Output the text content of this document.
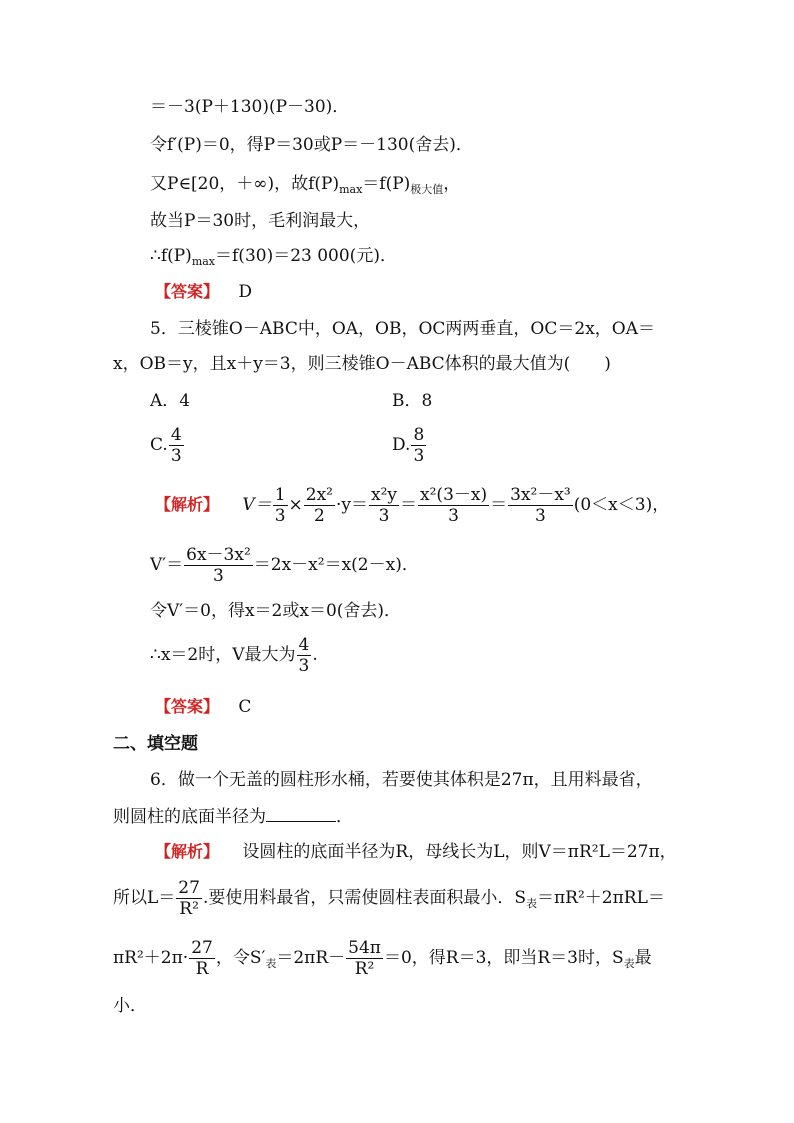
＝－3(P＋130)(P－30)．
令f′(P)＝0，得P＝30或P＝－130(舍去)．
又P∈[20，＋∞)，故$f(P)_{max}=f(P)_{极大值}$，
故当P＝30时，毛利润最大，
$\therefore f(P)_{max}=f(30)=23$ 000(元)．
【答案】 D
5．三棱锥O－ABC中，OA，OB，OC两两垂直，OC＝2x，OA＝
x，OB＝y，且x＋y＝3，则三棱锥O－ABC体积的最大值为(　　)
A．4	B．8
C. $\frac{4}{3}$	D. $\frac{8}{3}$
【解析】 $V= \frac{1}{3} \times \frac{\text{2x²}}{2} \cdot y= \frac{\text{x²y}}{3} = \frac{\text{x²(3－x)}}{3} = \frac{\text{3x²－x³}}{3} (0<x<3)$，
$V'= \frac{\text{6x－3x²}}{3} =2x-x^2=x(2-x)$．
令V′＝0，得x＝2或x＝0(舍去)．
∴x＝2时，V最大为 $\frac{4}{3}$ .
【答案】 C
二、填空题
6．做一个无盖的圆柱形水桶，若要使其体积是27π，且用料最省，
则圆柱的底面半径为	．
【解析】 设圆柱的底面半径为R，母线长为L，则V＝πR²L＝27π，
所以$L= \frac{27}{\text{R²}}$ .要使用料最省，只需使圆柱表面积最小．$S_表=\pi R^2+2\pi RL=$
$\pi R^2+2\pi\cdot \frac{27}{R}$ ，令$S'_表=2\pi R- \frac{54\pi}{\text{R²}} =0$，得R＝3，即当R＝3时，$S_表$最
小．
